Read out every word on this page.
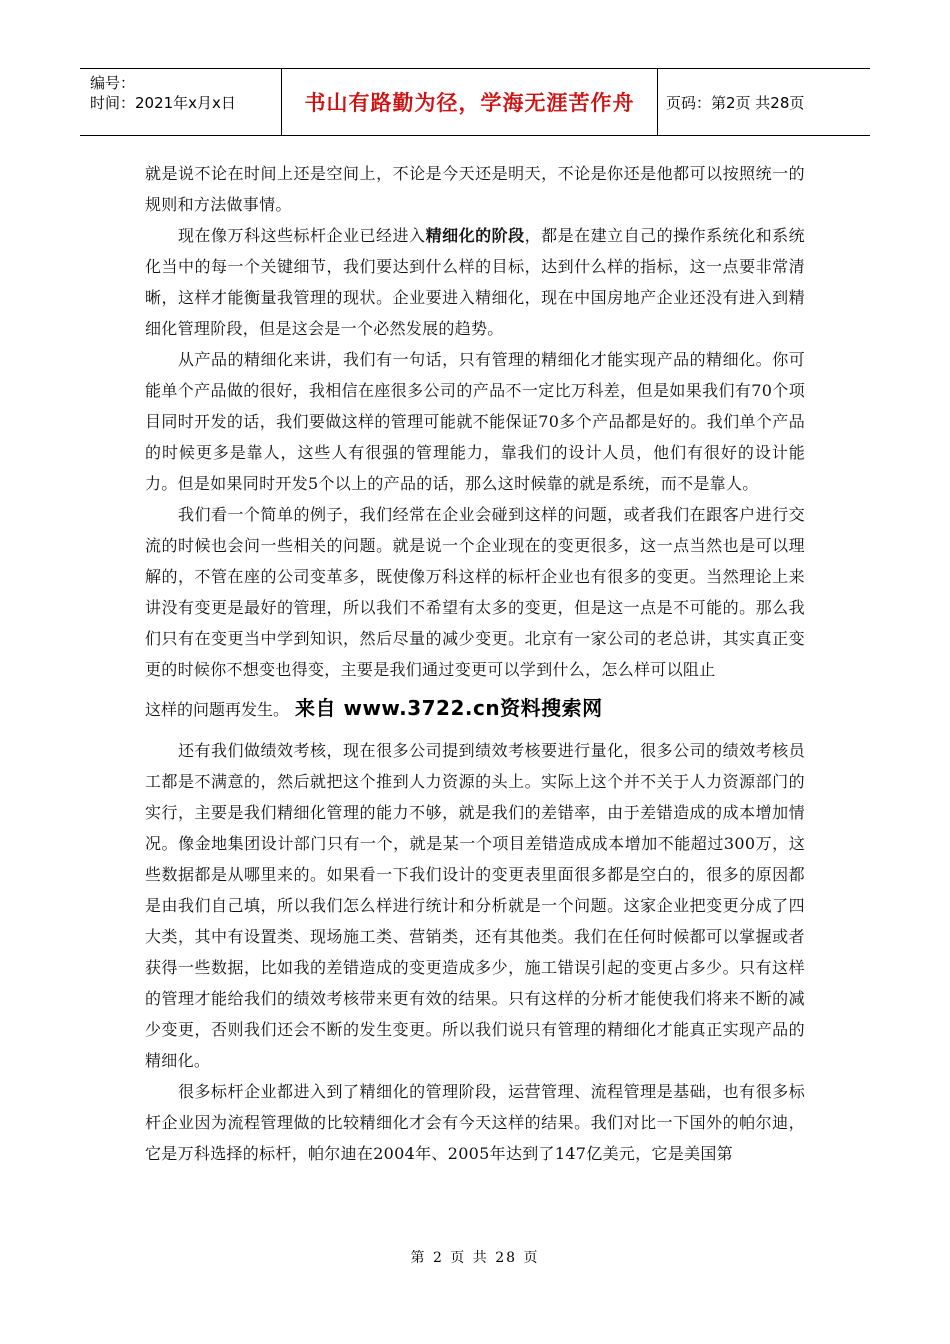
编号：
时间：2021年x月x日	书山有路勤为径，学海无涯苦作舟	页码：第2页 共28页

就是说不论在时间上还是空间上，不论是今天还是明天，不论是你还是他都可以按照统一的规则和方法做事情。

现在像万科这些标杆企业已经进入精细化的阶段，都是在建立自己的操作系统化和系统化当中的每一个关键细节，我们要达到什么样的目标，达到什么样的指标，这一点要非常清晰，这样才能衡量我管理的现状。企业要进入精细化，现在中国房地产企业还没有进入到精细化管理阶段，但是这会是一个必然发展的趋势。

从产品的精细化来讲，我们有一句话，只有管理的精细化才能实现产品的精细化。你可能单个产品做的很好，我相信在座很多公司的产品不一定比万科差，但是如果我们有70个项目同时开发的话，我们要做这样的管理可能就不能保证70多个产品都是好的。我们单个产品的时候更多是靠人，这些人有很强的管理能力，靠我们的设计人员，他们有很好的设计能力。但是如果同时开发5个以上的产品的话，那么这时候靠的就是系统，而不是靠人。

我们看一个简单的例子，我们经常在企业会碰到这样的问题，或者我们在跟客户进行交流的时候也会问一些相关的问题。就是说一个企业现在的变更很多，这一点当然也是可以理解的，不管在座的公司变革多，既使像万科这样的标杆企业也有很多的变更。当然理论上来讲没有变更是最好的管理，所以我们不希望有太多的变更，但是这一点是不可能的。那么我们只有在变更当中学到知识，然后尽量的减少变更。北京有一家公司的老总讲，其实真正变更的时候你不想变也得变，主要是我们通过变更可以学到什么，怎么样可以阻止

这样的问题再发生。 来自 www.3722.cn资料搜索网

还有我们做绩效考核，现在很多公司提到绩效考核要进行量化，很多公司的绩效考核员工都是不满意的，然后就把这个推到人力资源的头上。实际上这个并不关于人力资源部门的实行，主要是我们精细化管理的能力不够，就是我们的差错率，由于差错造成的成本增加情况。像金地集团设计部门只有一个，就是某一个项目差错造成成本增加不能超过300万，这些数据都是从哪里来的。如果看一下我们设计的变更表里面很多都是空白的，很多的原因都是由我们自己填，所以我们怎么样进行统计和分析就是一个问题。这家企业把变更分成了四大类，其中有设置类、现场施工类、营销类，还有其他类。我们在任何时候都可以掌握或者获得一些数据，比如我的差错造成的变更造成多少，施工错误引起的变更占多少。只有这样的管理才能给我们的绩效考核带来更有效的结果。只有这样的分析才能使我们将来不断的减少变更，否则我们还会不断的发生变更。所以我们说只有管理的精细化才能真正实现产品的精细化。

很多标杆企业都进入到了精细化的管理阶段，运营管理、流程管理是基础，也有很多标杆企业因为流程管理做的比较精细化才会有今天这样的结果。我们对比一下国外的帕尔迪，它是万科选择的标杆，帕尔迪在2004年、2005年达到了147亿美元，它是美国第

第 2 页 共 28 页
